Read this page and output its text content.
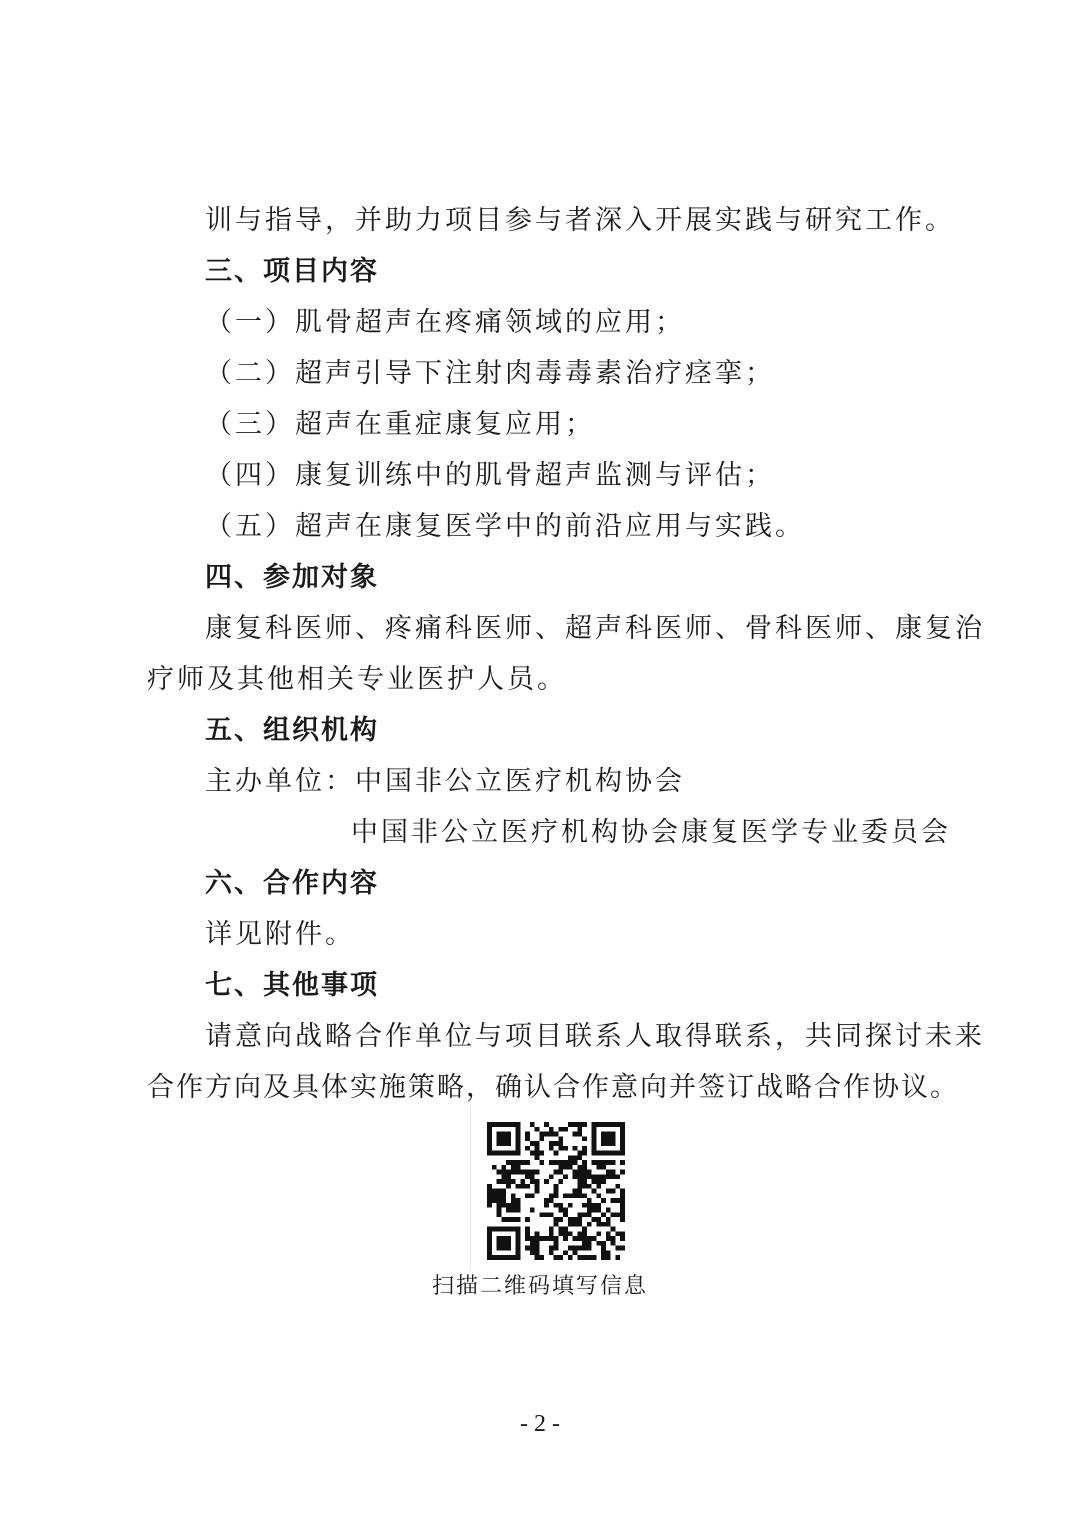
训与指导，并助力项目参与者深入开展实践与研究工作。
三、项目内容
（一）肌骨超声在疼痛领域的应用；
（二）超声引导下注射肉毒毒素治疗痉挛；
（三）超声在重症康复应用；
（四）康复训练中的肌骨超声监测与评估；
（五）超声在康复医学中的前沿应用与实践。
四、参加对象
康复科医师、疼痛科医师、超声科医师、骨科医师、康复治
疗师及其他相关专业医护人员。
五、组织机构
主办单位：中国非公立医疗机构协会
中国非公立医疗机构协会康复医学专业委员会
六、合作内容
详见附件。
七、其他事项
请意向战略合作单位与项目联系人取得联系，共同探讨未来
合作方向及具体实施策略，确认合作意向并签订战略合作协议。
扫描二维码填写信息
- 2 -
